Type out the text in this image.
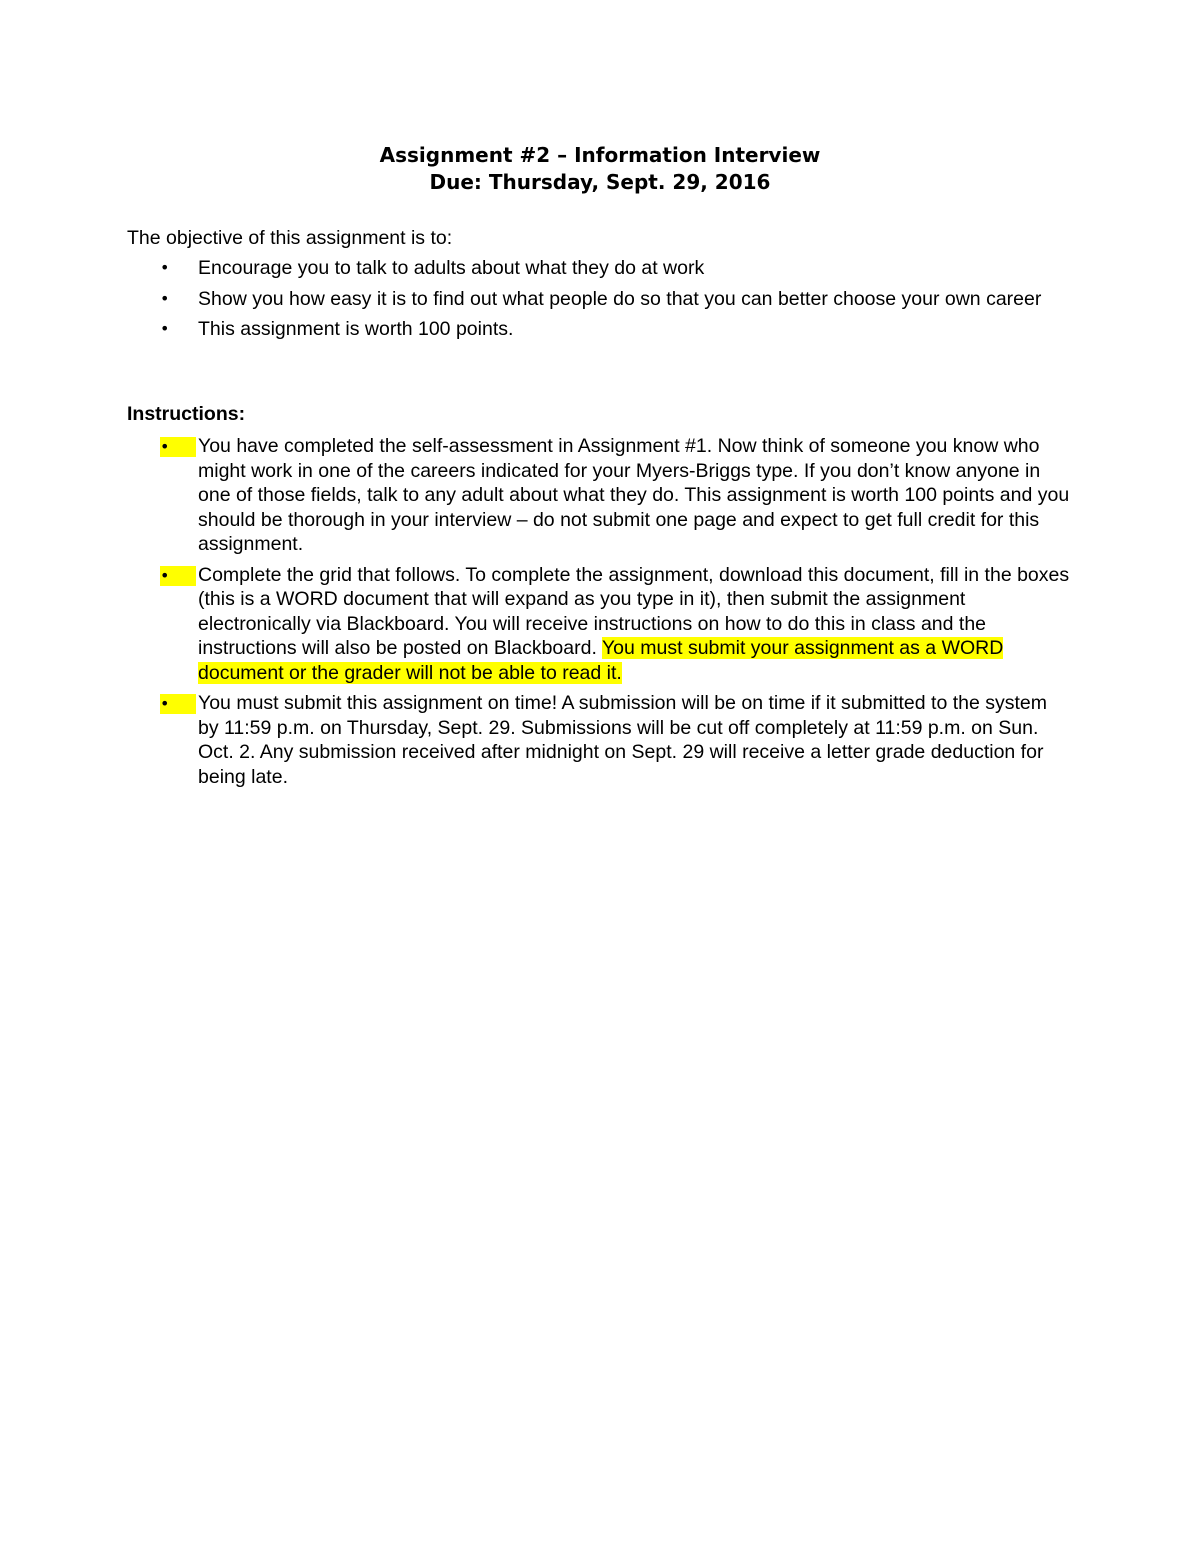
Assignment #2 – Information Interview
Due: Thursday, Sept. 29, 2016

The objective of this assignment is to:

•	Encourage you to talk to adults about what they do at work
•	Show you how easy it is to find out what people do so that you can better choose your own career
•	This assignment is worth 100 points.

Instructions:

•	You have completed the self-assessment in Assignment #1. Now think of someone you know who might work in one of the careers indicated for your Myers-Briggs type. If you don’t know anyone in one of those fields, talk to any adult about what they do. This assignment is worth 100 points and you should be thorough in your interview – do not submit one page and expect to get full credit for this assignment.
•	Complete the grid that follows. To complete the assignment, download this document, fill in the boxes (this is a WORD document that will expand as you type in it), then submit the assignment electronically via Blackboard. You will receive instructions on how to do this in class and the instructions will also be posted on Blackboard. You must submit your assignment as a WORD document or the grader will not be able to read it.
•	You must submit this assignment on time! A submission will be on time if it submitted to the system by 11:59 p.m. on Thursday, Sept. 29. Submissions will be cut off completely at 11:59 p.m. on Sun. Oct. 2. Any submission received after midnight on Sept. 29 will receive a letter grade deduction for being late.
